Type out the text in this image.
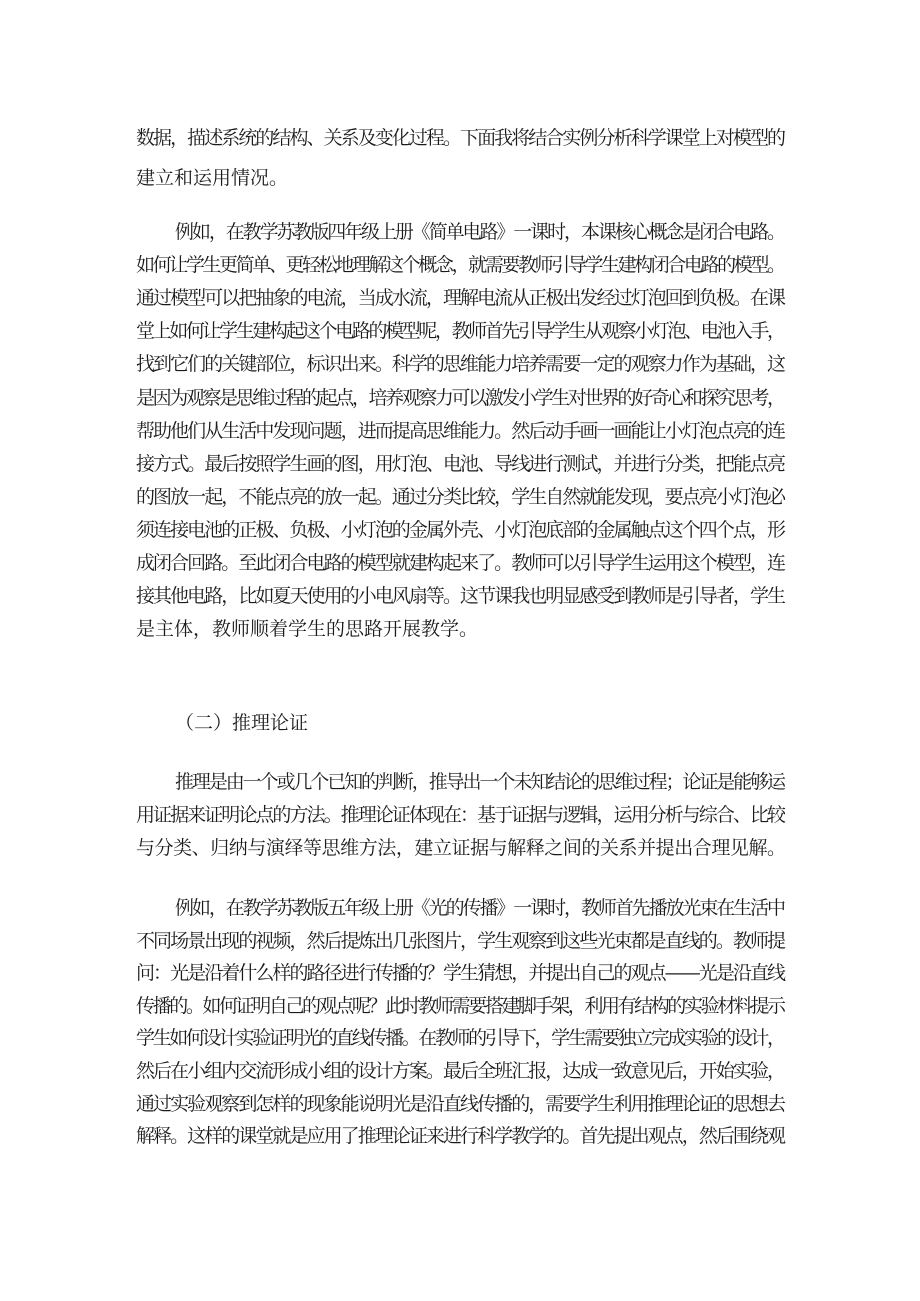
数据，描述系统的结构、关系及变化过程。下面我将结合实例分析科学课堂上对模型的
建立和运用情况。
例如，在教学苏教版四年级上册《简单电路》一课时，本课核心概念是闭合电路。
如何让学生更简单、更轻松地理解这个概念，就需要教师引导学生建构闭合电路的模型。
通过模型可以把抽象的电流，当成水流，理解电流从正极出发经过灯泡回到负极。在课
堂上如何让学生建构起这个电路的模型呢，教师首先引导学生从观察小灯泡、电池入手，
找到它们的关键部位，标识出来。科学的思维能力培养需要一定的观察力作为基础，这
是因为观察是思维过程的起点，培养观察力可以激发小学生对世界的好奇心和探究思考，
帮助他们从生活中发现问题，进而提高思维能力。然后动手画一画能让小灯泡点亮的连
接方式。最后按照学生画的图，用灯泡、电池、导线进行测试，并进行分类，把能点亮
的图放一起，不能点亮的放一起。通过分类比较，学生自然就能发现，要点亮小灯泡必
须连接电池的正极、负极、小灯泡的金属外壳、小灯泡底部的金属触点这个四个点，形
成闭合回路。至此闭合电路的模型就建构起来了。教师可以引导学生运用这个模型，连
接其他电路，比如夏天使用的小电风扇等。这节课我也明显感受到教师是引导者，学生
是主体，教师顺着学生的思路开展教学。
（二）推理论证
推理是由一个或几个已知的判断，推导出一个未知结论的思维过程；论证是能够运
用证据来证明论点的方法。推理论证体现在：基于证据与逻辑，运用分析与综合、比较
与分类、归纳与演绎等思维方法，建立证据与解释之间的关系并提出合理见解。
例如，在教学苏教版五年级上册《光的传播》一课时，教师首先播放光束在生活中
不同场景出现的视频，然后提炼出几张图片，学生观察到这些光束都是直线的。教师提
问：光是沿着什么样的路径进行传播的？学生猜想，并提出自己的观点——光是沿直线
传播的。如何证明自己的观点呢？此时教师需要搭建脚手架，利用有结构的实验材料提示
学生如何设计实验证明光的直线传播。在教师的引导下，学生需要独立完成实验的设计，
然后在小组内交流形成小组的设计方案。最后全班汇报，达成一致意见后，开始实验，
通过实验观察到怎样的现象能说明光是沿直线传播的，需要学生利用推理论证的思想去
解释。这样的课堂就是应用了推理论证来进行科学教学的。首先提出观点，然后围绕观
